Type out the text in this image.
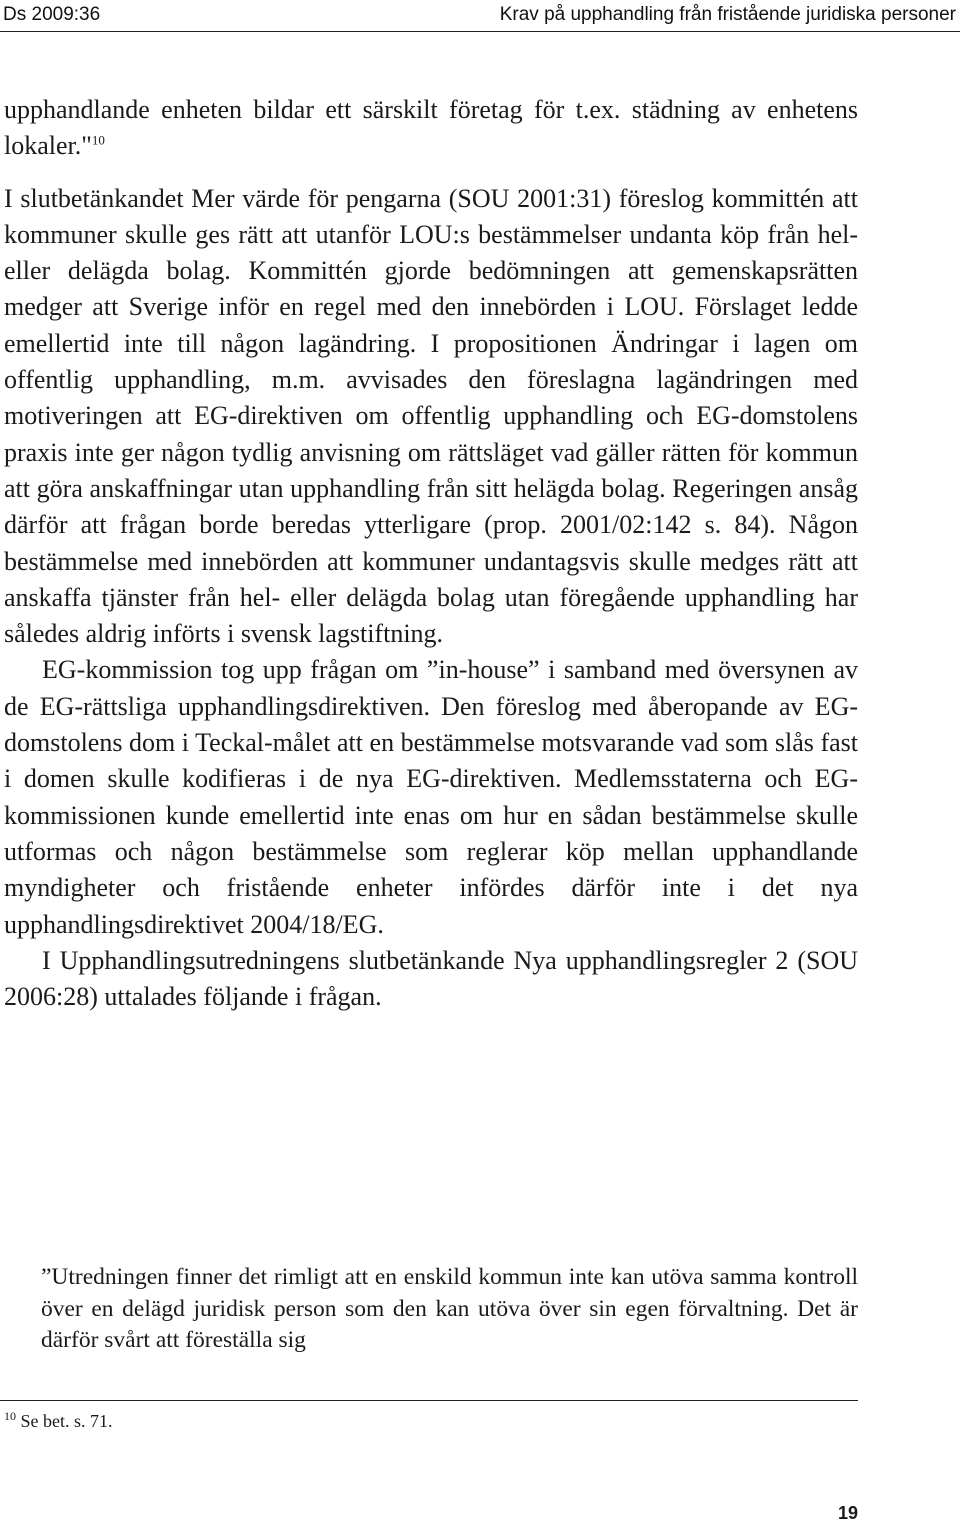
Ds 2009:36	Krav på upphandling från fristående juridiska personer

upphandlande enheten bildar ett särskilt företag för t.ex. städning av enhetens lokaler."$^{10}$

I slutbetänkandet Mer värde för pengarna (SOU 2001:31) föreslog kommittén att kommuner skulle ges rätt att utanför LOU:s bestämmelser undanta köp från hel- eller delägda bolag. Kommittén gjorde bedömningen att gemenskapsrätten medger att Sverige inför en regel med den innebörden i LOU. Förslaget ledde emellertid inte till någon lagändring. I propositionen Ändringar i lagen om offentlig upphandling, m.m. avvisades den föreslagna lagändringen med motiveringen att EG-direktiven om offentlig upphandling och EG-domstolens praxis inte ger någon tydlig anvisning om rättsläget vad gäller rätten för kommun att göra anskaffningar utan upphandling från sitt helägda bolag. Regeringen ansåg därför att frågan borde beredas ytterligare (prop. 2001/02:142 s. 84). Någon bestämmelse med innebörden att kommuner undantagsvis skulle medges rätt att anskaffa tjänster från hel- eller delägda bolag utan föregående upphandling har således aldrig införts i svensk lagstiftning.

EG-kommission tog upp frågan om ”in-house” i samband med översynen av de EG-rättsliga upphandlingsdirektiven. Den föreslog med åberopande av EG-domstolens dom i Teckal-målet att en bestämmelse motsvarande vad som slås fast i domen skulle kodifieras i de nya EG-direktiven. Medlemsstaterna och EG-kommissionen kunde emellertid inte enas om hur en sådan bestämmelse skulle utformas och någon bestämmelse som reglerar köp mellan upphandlande myndigheter och fristående enheter infördes därför inte i det nya upphandlingsdirektivet 2004/18/EG.

I Upphandlingsutredningens slutbetänkande Nya upphandlingsregler 2 (SOU 2006:28) uttalades följande i frågan.

”Utredningen finner det rimligt att en enskild kommun inte kan utöva samma kontroll över en delägd juridisk person som den kan utöva över sin egen förvaltning. Det är därför svårt att föreställa sig

$^{10}$ Se bet. s. 71.
19
